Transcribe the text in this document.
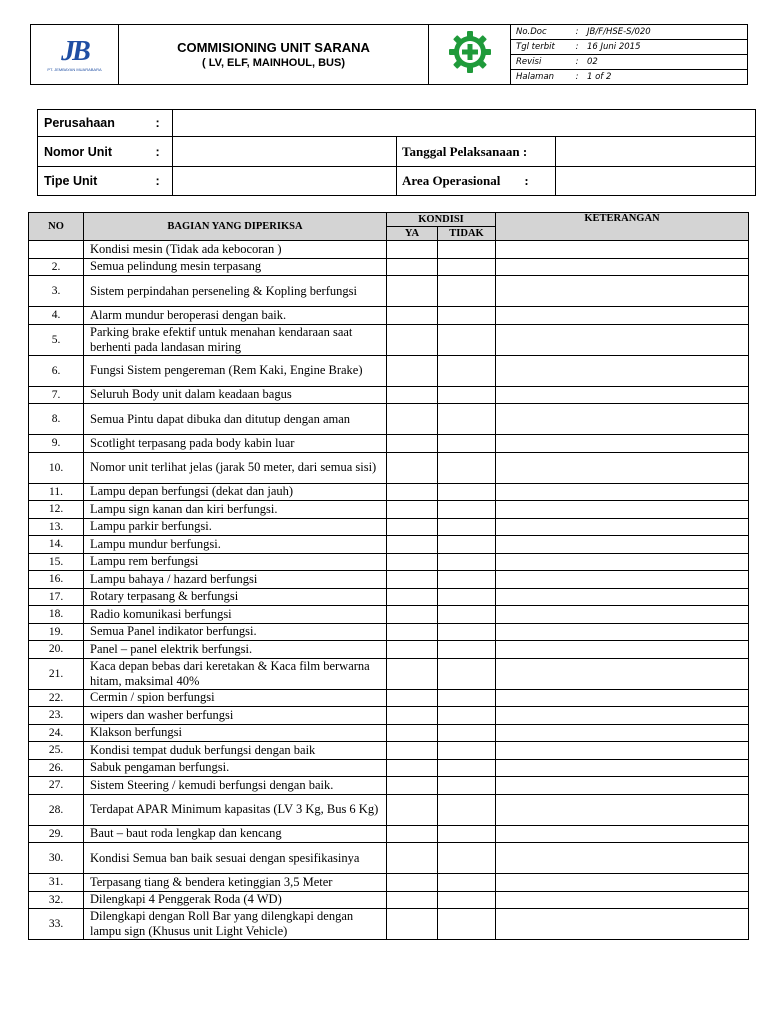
JB
PT. JEMBAYAN MUARABARA

COMMISIONING UNIT SARANA
( LV, ELF, MAINHOUL, BUS)

No.Doc	:	JB/F/HSE-S/020
Tgl terbit	:	16 Juni 2015
Revisi	:	02
Halaman	:	1 of 2
Perusahaan	:			
Nomor Unit	:		Tanggal Pelaksanaan :	
Tipe Unit	:		Area Operasional :	
NO	BAGIAN YANG DIPERIKSA	KONDISI		KETERANGAN
		YA	TIDAK	
	Kondisi mesin (Tidak ada kebocoran )			
2.	Semua pelindung mesin terpasang			
3.	Sistem perpindahan perseneling & Kopling berfungsi			
4.	Alarm mundur beroperasi dengan baik.			
5.	Parking brake efektif untuk menahan kendaraan saat berhenti pada landasan miring			
6.	Fungsi Sistem pengereman (Rem Kaki, Engine Brake)			
7.	Seluruh Body unit dalam keadaan bagus			
8.	Semua Pintu dapat dibuka dan ditutup dengan aman			
9.	Scotlight terpasang pada body kabin luar			
10.	Nomor unit terlihat jelas (jarak 50 meter, dari semua sisi)			
11.	Lampu depan berfungsi (dekat dan jauh)			
12.	Lampu sign kanan dan kiri berfungsi.			
13.	Lampu parkir berfungsi.			
14.	Lampu mundur berfungsi.			
15.	Lampu rem berfungsi			
16.	Lampu bahaya / hazard berfungsi			
17.	Rotary terpasang & berfungsi			
18.	Radio komunikasi berfungsi			
19.	Semua Panel indikator berfungsi.			
20.	Panel – panel elektrik berfungsi.			
21.	Kaca depan bebas dari keretakan & Kaca film berwarna hitam, maksimal 40%			
22.	Cermin / spion berfungsi			
23.	wipers dan washer berfungsi			
24.	Klakson berfungsi			
25.	Kondisi tempat duduk berfungsi dengan baik			
26.	Sabuk pengaman berfungsi.			
27.	Sistem Steering / kemudi berfungsi dengan baik.			
28.	Terdapat APAR Minimum kapasitas (LV 3 Kg, Bus 6 Kg)			
29.	Baut – baut roda lengkap dan kencang			
30.	Kondisi Semua ban baik sesuai dengan spesifikasinya			
31.	Terpasang tiang & bendera ketinggian 3,5 Meter			
32.	Dilengkapi 4 Penggerak Roda (4 WD)			
33.	Dilengkapi dengan Roll Bar yang dilengkapi dengan lampu sign (Khusus unit Light Vehicle)			
